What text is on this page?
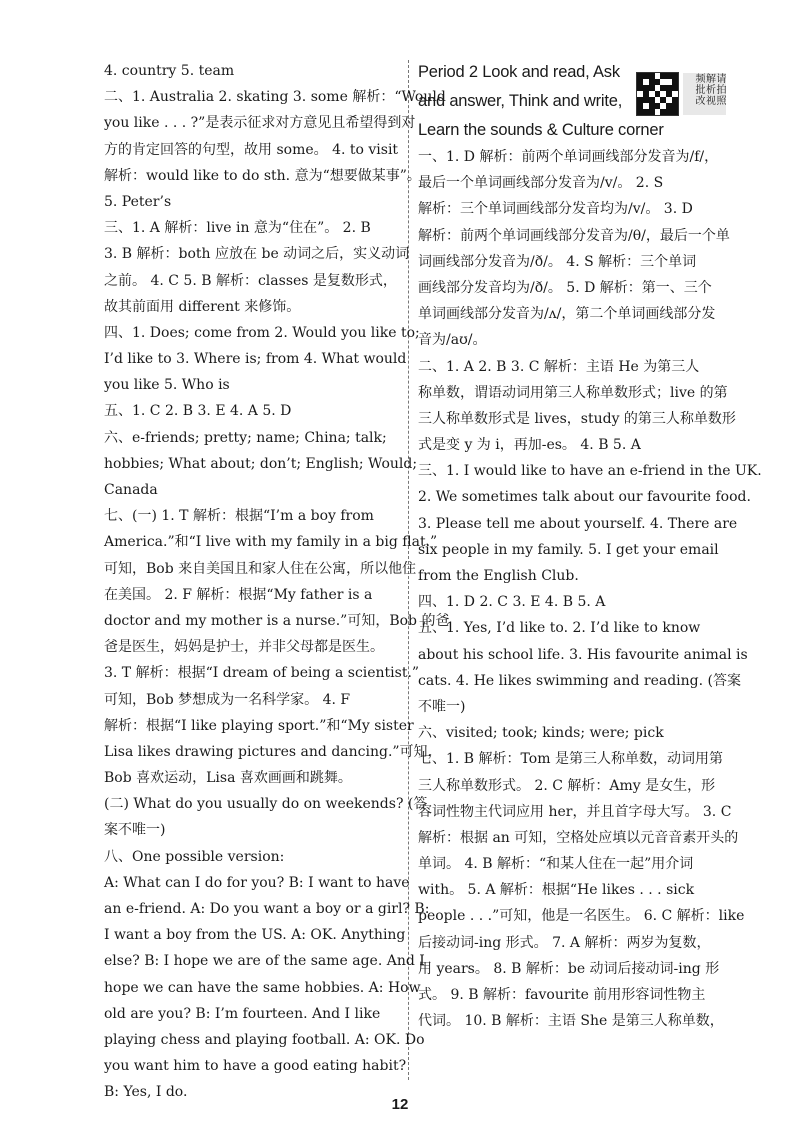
4. country 5. team
二、1. Australia 2. skating 3. some 解析：“Would
you like . . . ?”是表示征求对方意见且希望得到对
方的肯定回答的句型，故用 some。 4. to visit
解析：would like to do sth. 意为“想要做某事”。
5. Peter’s
三、1. A 解析：live in 意为“住在”。 2. B
3. B 解析：both 应放在 be 动词之后，实义动词
之前。 4. C 5. B 解析：classes 是复数形式，
故其前面用 different 来修饰。
四、1. Does; come from 2. Would you like to;
I’d like to 3. Where is; from 4. What would
you like 5. Who is
五、1. C 2. B 3. E 4. A 5. D
六、e-friends; pretty; name; China; talk;
hobbies; What about; don’t; English; Would;
Canada
七、(一) 1. T 解析：根据“I’m a boy from
America.”和“I live with my family in a big flat.”
可知，Bob 来自美国且和家人住在公寓，所以他住
在美国。 2. F 解析：根据“My father is a
doctor and my mother is a nurse.”可知，Bob 的爸
爸是医生，妈妈是护士，并非父母都是医生。
3. T 解析：根据“I dream of being a scientist.”
可知，Bob 梦想成为一名科学家。 4. F
解析：根据“I like playing sport.”和“My sister
Lisa likes drawing pictures and dancing.”可知，
Bob 喜欢运动，Lisa 喜欢画画和跳舞。
(二) What do you usually do on weekends? (答
案不唯一)
八、One possible version:
A: What can I do for you? B: I want to have
an e-friend. A: Do you want a boy or a girl? B:
I want a boy from the US. A: OK. Anything
else? B: I hope we are of the same age. And I
hope we can have the same hobbies. A: How
old are you? B: I’m fourteen. And I like
playing chess and playing football. A: OK. Do
you want him to have a good eating habit?
B: Yes, I do.
Period 2 Look and read, Ask
and answer, Think and write,
Learn the sounds & Culture corner
请拍照解析视频批改
一、1. D 解析：前两个单词画线部分发音为/f/，
最后一个单词画线部分发音为/v/。 2. S
解析：三个单词画线部分发音均为/v/。 3. D
解析：前两个单词画线部分发音为/θ/，最后一个单
词画线部分发音为/ð/。 4. S 解析：三个单词
画线部分发音均为/ð/。 5. D 解析：第一、三个
单词画线部分发音为/ʌ/，第二个单词画线部分发
音为/aʊ/。
二、1. A 2. B 3. C 解析：主语 He 为第三人
称单数，谓语动词用第三人称单数形式；live 的第
三人称单数形式是 lives，study 的第三人称单数形
式是变 y 为 i，再加-es。 4. B 5. A
三、1. I would like to have an e-friend in the UK.
2. We sometimes talk about our favourite food.
3. Please tell me about yourself. 4. There are
six people in my family. 5. I get your email
from the English Club.
四、1. D 2. C 3. E 4. B 5. A
五、1. Yes, I’d like to. 2. I’d like to know
about his school life. 3. His favourite animal is
cats. 4. He likes swimming and reading. (答案
不唯一)
六、visited; took; kinds; were; pick
七、1. B 解析：Tom 是第三人称单数，动词用第
三人称单数形式。 2. C 解析：Amy 是女生，形
容词性物主代词应用 her，并且首字母大写。 3. C
解析：根据 an 可知，空格处应填以元音音素开头的
单词。 4. B 解析：“和某人住在一起”用介词
with。 5. A 解析：根据“He likes . . . sick
people . . .”可知，他是一名医生。 6. C 解析：like
后接动词-ing 形式。 7. A 解析：两岁为复数，
用 years。 8. B 解析：be 动词后接动词-ing 形
式。 9. B 解析：favourite 前用形容词性物主
代词。 10. B 解析：主语 She 是第三人称单数，
12
